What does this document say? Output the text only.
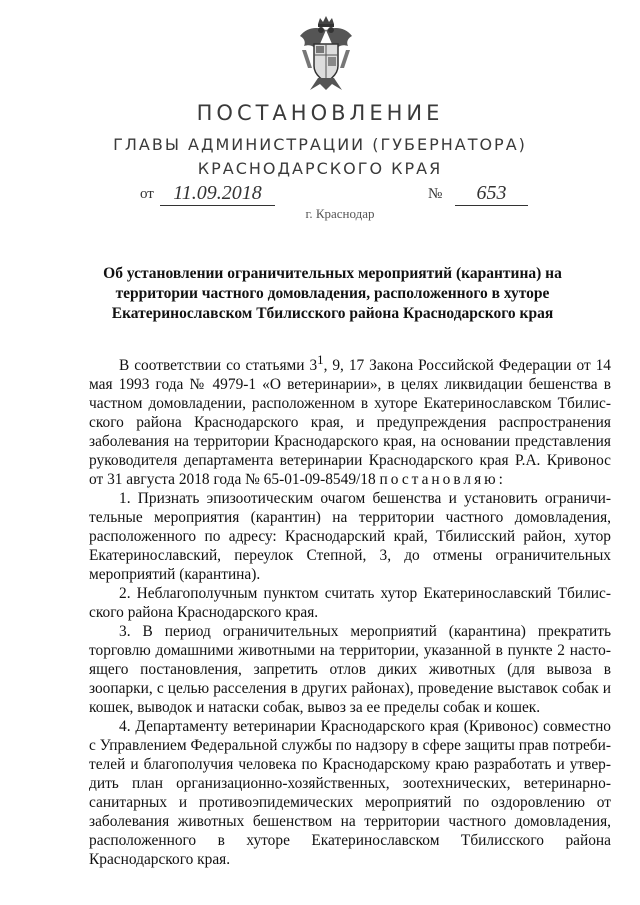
ПОСТАНОВЛЕНИЕ
ГЛАВЫ АДМИНИСТРАЦИИ (ГУБЕРНАТОРА)
КРАСНОДАРСКОГО КРАЯ
от 11.09.2018	№	653
г. Краснодар
Об установлении ограничительных мероприятий (карантина) на территории частного домовладения, расположенного в хуторе Екатеринославском Тбилисского района Краснодарского края

В соответствии со статьями $3^1$, 9, 17 Закона Российской Федерации от 14 мая 1993 года № 4979-1 «О ветеринарии», в целях ликвидации бешенства в частном домовладении, расположенном в хуторе Екатеринославском Тбилисского района Краснодарского края, и предупреждения распространения заболевания на территории Краснодарского края, на основании представления руководителя департамента ветеринарии Краснодарского края Р.А. Кривонос от 31 августа 2018 года № 65-01-09-8549/18 постановляю:

1. Признать эпизоотическим очагом бешенства и установить ограничительные мероприятия (карантин) на территории частного домовладения, расположенного по адресу: Краснодарский край, Тбилисский район, хутор Екатеринославский, переулок Степной, 3, до отмены ограничительных мероприятий (карантина).

2. Неблагополучным пунктом считать хутор Екатеринославский Тбилисского района Краснодарского края.

3. В период ограничительных мероприятий (карантина) прекратить торговлю домашними животными на территории, указанной в пункте 2 настоящего постановления, запретить отлов диких животных (для вывоза в зоопарки, с целью расселения в других районах), проведение выставок собак и кошек, выводок и натаски собак, вывоз за ее пределы собак и кошек.

4. Департаменту ветеринарии Краснодарского края (Кривонос) совместно с Управлением Федеральной службы по надзору в сфере защиты прав потребителей и благополучия человека по Краснодарскому краю разработать и утвердить план организационно-хозяйственных, зоотехнических, ветеринарно-санитарных и противоэпидемических мероприятий по оздоровлению от заболевания животных бешенством на территории частного домовладения, расположенного в хуторе Екатеринославском Тбилисского района Краснодарского края.
